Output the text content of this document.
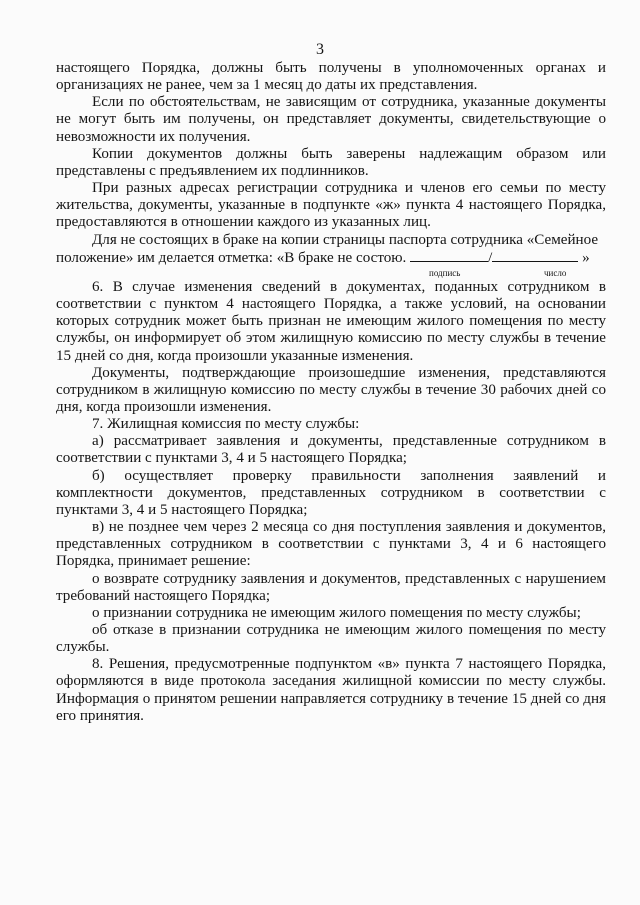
3

настоящего Порядка, должны быть получены в уполномоченных органах и организациях не ранее, чем за 1 месяц до даты их представления.

Если по обстоятельствам, не зависящим от сотрудника, указанные документы не могут быть им получены, он представляет документы, свидетельствующие о невозможности их получения.

Копии документов должны быть заверены надлежащим образом или представлены с предъявлением их подлинников.

При разных адресах регистрации сотрудника и членов его семьи по месту жительства, документы, указанные в подпункте «ж» пункта 4 настоящего Порядка, предоставляются в отношении каждого из указанных лиц.

Для не состоящих в браке на копии страницы паспорта сотрудника «Семейное

положение» им делается отметка: «В браке не состою.	/	»

подпись	число

6. В случае изменения сведений в документах, поданных сотрудником в соответствии с пунктом 4 настоящего Порядка, а также условий, на основании которых сотрудник может быть признан не имеющим жилого помещения по месту службы, он информирует об этом жилищную комиссию по месту службы в течение 15 дней со дня, когда произошли указанные изменения.

Документы, подтверждающие произошедшие изменения, представляются сотрудником в жилищную комиссию по месту службы в течение 30 рабочих дней со дня, когда произошли изменения.

7. Жилищная комиссия по месту службы:

а) рассматривает заявления и документы, представленные сотрудником в соответствии с пунктами 3, 4 и 5 настоящего Порядка;

б) осуществляет проверку правильности заполнения заявлений и комплектности документов, представленных сотрудником в соответствии с пунктами 3, 4 и 5 настоящего Порядка;

в) не позднее чем через 2 месяца со дня поступления заявления и документов, представленных сотрудником в соответствии с пунктами 3, 4 и 6 настоящего Порядка, принимает решение:

о возврате сотруднику заявления и документов, представленных с нарушением требований настоящего Порядка;

о признании сотрудника не имеющим жилого помещения по месту службы;

об отказе в признании сотрудника не имеющим жилого помещения по месту службы.

8. Решения, предусмотренные подпунктом «в» пункта 7 настоящего Порядка, оформляются в виде протокола заседания жилищной комиссии по месту службы. Информация о принятом решении направляется сотруднику в течение 15 дней со дня его принятия.
